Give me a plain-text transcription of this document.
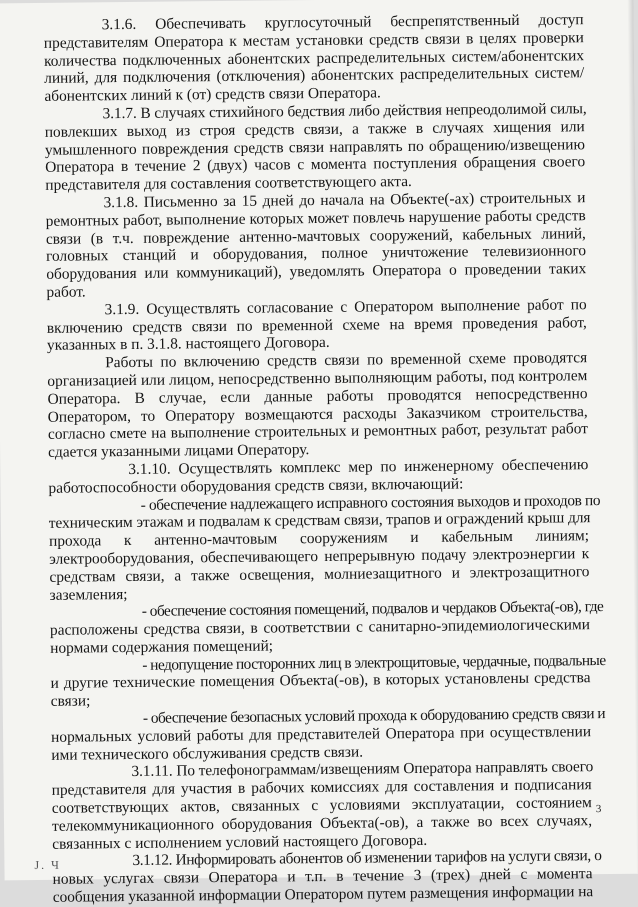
3.1.6. Обеспечивать круглосуточный беспрепятственный доступ
представителям Оператора к местам установки средств связи в целях проверки
количества подключенных абонентских распределительных систем/абонентских
линий, для подключения (отключения) абонентских распределительных систем/
абонентских линий к (от) средств связи Оператора.
3.1.7. В случаях стихийного бедствия либо действия непреодолимой силы,
повлекших выход из строя средств связи, а также в случаях хищения или
умышленного повреждения средств связи направлять по обращению/извещению
Оператора в течение 2 (двух) часов с момента поступления обращения своего
представителя для составления соответствующего акта.
3.1.8. Письменно за 15 дней до начала на Объекте(-ах) строительных и
ремонтных работ, выполнение которых может повлечь нарушение работы средств
связи (в т.ч. повреждение антенно-мачтовых сооружений, кабельных линий,
головных станций и оборудования, полное уничтожение телевизионного
оборудования или коммуникаций), уведомлять Оператора о проведении таких
работ.
3.1.9. Осуществлять согласование с Оператором выполнение работ по
включению средств связи по временной схеме на время проведения работ,
указанных в п. 3.1.8. настоящего Договора.
Работы по включению средств связи по временной схеме проводятся
организацией или лицом, непосредственно выполняющим работы, под контролем
Оператора. В случае, если данные работы проводятся непосредственно
Оператором, то Оператору возмещаются расходы Заказчиком строительства,
согласно смете на выполнение строительных и ремонтных работ, результат работ
сдается указанными лицами Оператору.
3.1.10. Осуществлять комплекс мер по инженерному обеспечению
работоспособности оборудования средств связи, включающий:
- обеспечение надлежащего исправного состояния выходов и проходов по
техническим этажам и подвалам к средствам связи, трапов и ограждений крыш для
прохода к антенно-мачтовым сооружениям и кабельным линиям;
электрооборудования, обеспечивающего непрерывную подачу электроэнергии к
средствам связи, а также освещения, молниезащитного и электрозащитного
заземления;
- обеспечение состояния помещений, подвалов и чердаков Объекта(-ов), где
расположены средства связи, в соответствии с санитарно-эпидемиологическими
нормами содержания помещений;
- недопущение посторонних лиц в электрощитовые, чердачные, подвальные
и другие технические помещения Объекта(-ов), в которых установлены средства
связи;
- обеспечение безопасных условий прохода к оборудованию средств связи и
нормальных условий работы для представителей Оператора при осуществлении
ими технического обслуживания средств связи.
3.1.11. По телефонограммам/извещениям Оператора направлять своего
представителя для участия в рабочих комиссиях для составления и подписания
соответствующих актов, связанных с условиями эксплуатации, состоянием
телекоммуникационного оборудования Объекта(-ов), а также во всех случаях,
связанных с исполнением условий настоящего Договора.
3.1.12. Информировать абонентов об изменении тарифов на услуги связи, о
новых услугах связи Оператора и т.п. в течение 3 (трех) дней с момента
сообщения указанной информации Оператором путем размещения информации на
3
J. Ч
